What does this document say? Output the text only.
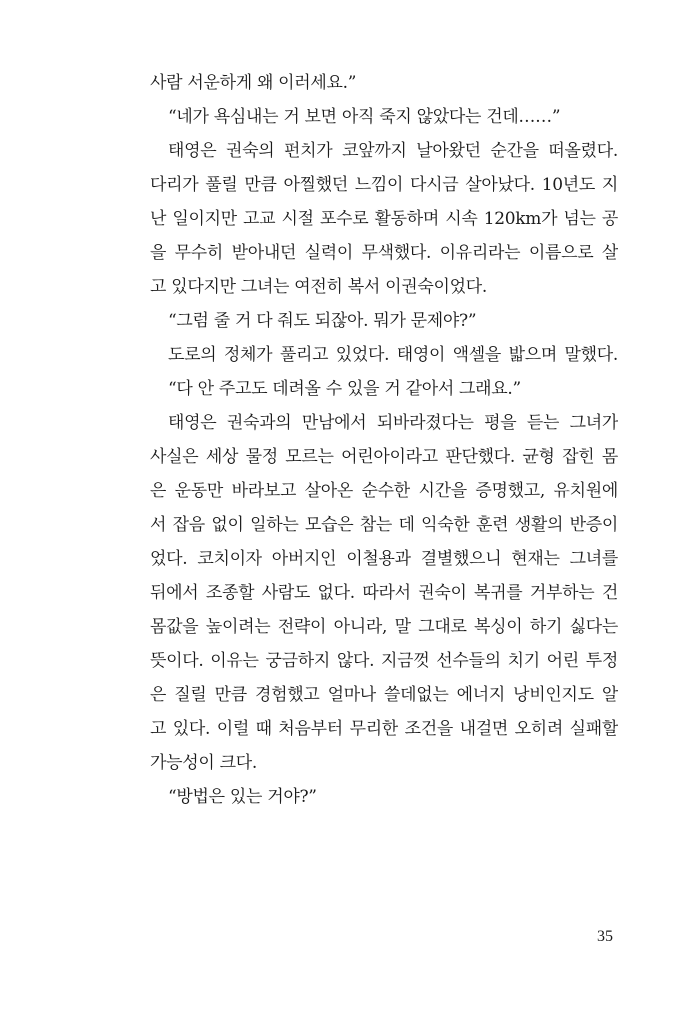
사람 서운하게 왜 이러세요.”
“네가 욕심내는 거 보면 아직 죽지 않았다는 건데……”
태영은 권숙의 펀치가 코앞까지 날아왔던 순간을 떠올렸다.
다리가 풀릴 만큼 아찔했던 느낌이 다시금 살아났다. 10년도 지
난 일이지만 고교 시절 포수로 활동하며 시속 120km가 넘는 공
을 무수히 받아내던 실력이 무색했다. 이유리라는 이름으로 살
고 있다지만 그녀는 여전히 복서 이권숙이었다.
“그럼 줄 거 다 줘도 되잖아. 뭐가 문제야?”
도로의 정체가 풀리고 있었다. 태영이 액셀을 밟으며 말했다.
“다 안 주고도 데려올 수 있을 거 같아서 그래요.”
태영은 권숙과의 만남에서 되바라졌다는 평을 듣는 그녀가
사실은 세상 물정 모르는 어린아이라고 판단했다. 균형 잡힌 몸
은 운동만 바라보고 살아온 순수한 시간을 증명했고, 유치원에
서 잡음 없이 일하는 모습은 참는 데 익숙한 훈련 생활의 반증이
었다. 코치이자 아버지인 이철용과 결별했으니 현재는 그녀를
뒤에서 조종할 사람도 없다. 따라서 권숙이 복귀를 거부하는 건
몸값을 높이려는 전략이 아니라, 말 그대로 복싱이 하기 싫다는
뜻이다. 이유는 궁금하지 않다. 지금껏 선수들의 치기 어린 투정
은 질릴 만큼 경험했고 얼마나 쓸데없는 에너지 낭비인지도 알
고 있다. 이럴 때 처음부터 무리한 조건을 내걸면 오히려 실패할
가능성이 크다.
“방법은 있는 거야?”
35
